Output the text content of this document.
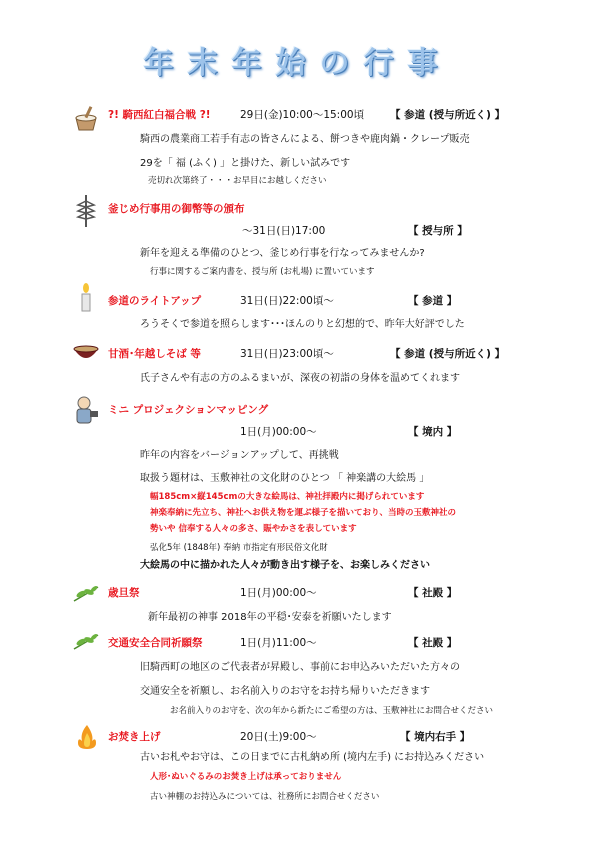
年末年始の行事
?! 騎西紅白福合戦 ?!	29日(金)10:00～15:00頃 【 参道 (授与所近く) 】
騎西の農業商工若手有志の皆さんによる、餅つきや鹿肉鍋・クレープ販売
29を「 福 (ふく) 」と掛けた、新しい試みです
売切れ次第終了・・・お早目にお越しください
釜じめ行事用の御幣等の頒布
～31日(日)17:00	【 授与所 】
新年を迎える準備のひとつ、釜じめ行事を行なってみませんか?
行事に関するご案内書を、授与所 (お札場) に置いています
参道のライトアップ	31日(日)22:00頃～	【 参道 】
ろうそくで参道を照らします･･･ほんのりと幻想的で、昨年大好評でした
甘酒･年越しそば 等	31日(日)23:00頃～	【 参道 (授与所近く) 】
氏子さんや有志の方のふるまいが、深夜の初詣の身体を温めてくれます
ミニ プロジェクションマッピング
1日(月)00:00～	【 境内 】
昨年の内容をバージョンアップして、再挑戦
取扱う題材は、玉敷神社の文化財のひとつ 「 神楽講の大絵馬 」
幅185cm×縦145cmの大きな絵馬は、神社拝殿内に掲げられています
神楽奉納に先立ち、神社へお供え物を運ぶ様子を描いており、当時の玉敷神社の
勢いや 信奉する人々の多さ、賑やかさを表しています
弘化5年 (1848年) 奉納 市指定有形民俗文化財
大絵馬の中に描かれた人々が動き出す様子を、お楽しみください
歳旦祭	1日(月)00:00～	【 社殿 】
新年最初の神事 2018年の平穏･安泰を祈願いたします
交通安全合同祈願祭	1日(月)11:00～	【 社殿 】
旧騎西町の地区のご代表者が昇殿し、事前にお申込みいただいた方々の
交通安全を祈願し、お名前入りのお守をお持ち帰りいただきます
お名前入りのお守を、次の年から新たにご希望の方は、玉敷神社にお問合せください
お焚き上げ	20日(土)9:00～	【 境内右手 】
古いお札やお守は、この日までに古札納め所 (境内左手) にお持込みください
人形･ぬいぐるみのお焚き上げは承っておりません
古い神棚のお持込みについては、社務所にお問合せください
